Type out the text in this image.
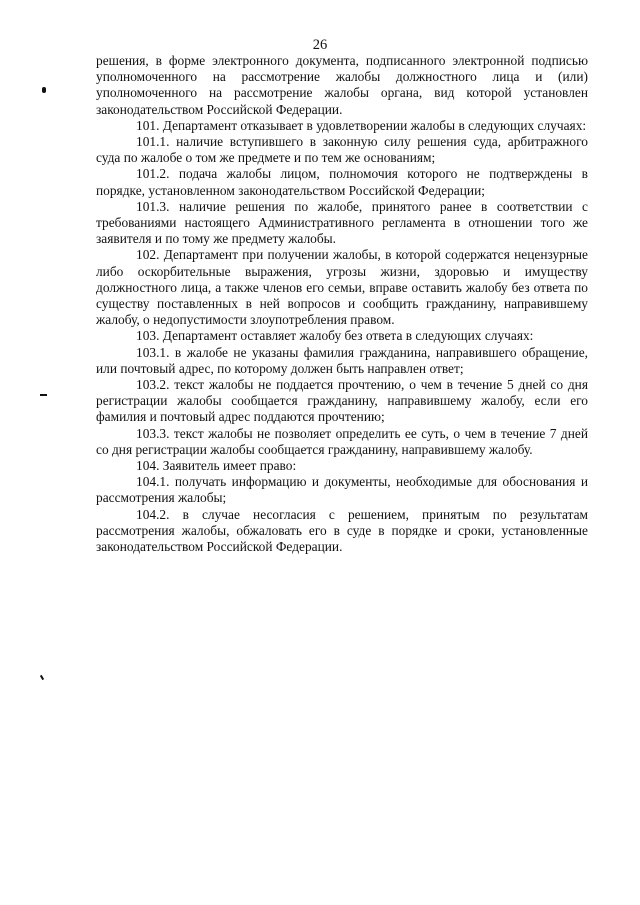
26

решения, в форме электронного документа, подписанного электронной подписью уполномоченного на рассмотрение жалобы должностного лица и (или) уполномоченного на рассмотрение жалобы органа, вид которой установлен законодательством Российской Федерации.

101. Департамент отказывает в удовлетворении жалобы в следующих случаях:

101.1. наличие вступившего в законную силу решения суда, арбитражного суда по жалобе о том же предмете и по тем же основаниям;

101.2. подача жалобы лицом, полномочия которого не подтверждены в порядке, установленном законодательством Российской Федерации;

101.3. наличие решения по жалобе, принятого ранее в соответствии с требованиями настоящего Административного регламента в отношении того же заявителя и по тому же предмету жалобы.

102. Департамент при получении жалобы, в которой содержатся нецензурные либо оскорбительные выражения, угрозы жизни, здоровью и имуществу должностного лица, а также членов его семьи, вправе оставить жалобу без ответа по существу поставленных в ней вопросов и сообщить гражданину, направившему жалобу, о недопустимости злоупотребления правом.

103. Департамент оставляет жалобу без ответа в следующих случаях:

103.1. в жалобе не указаны фамилия гражданина, направившего обращение, или почтовый адрес, по которому должен быть направлен ответ;

103.2. текст жалобы не поддается прочтению, о чем в течение 5 дней со дня регистрации жалобы сообщается гражданину, направившему жалобу, если его фамилия и почтовый адрес поддаются прочтению;

103.3. текст жалобы не позволяет определить ее суть, о чем в течение 7 дней со дня регистрации жалобы сообщается гражданину, направившему жалобу.

104. Заявитель имеет право:

104.1. получать информацию и документы, необходимые для обоснования и рассмотрения жалобы;

104.2. в случае несогласия с решением, принятым по результатам рассмотрения жалобы, обжаловать его в суде в порядке и сроки, установленные законодательством Российской Федерации.
